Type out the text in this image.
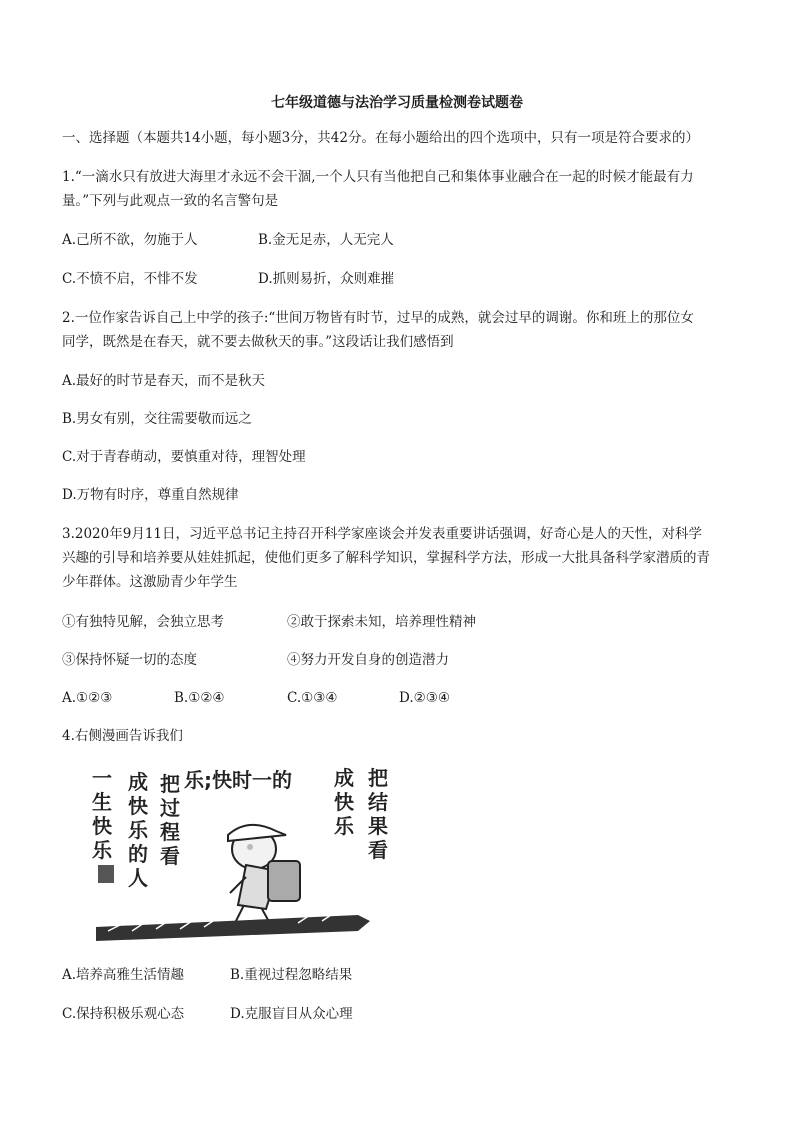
七年级道德与法治学习质量检测卷试题卷
一、选择题（本题共14小题，每小题3分，共42分。在每小题给出的四个选项中，只有一项是符合要求的）
1.“一滴水只有放进大海里才永远不会干涸,一个人只有当他把自己和集体事业融合在一起的时候才能最有力
量。”下列与此观点一致的名言警句是
A.己所不欲，勿施于人	B.金无足赤，人无完人
C.不愤不启，不悱不发	D.抓则易折，众则难摧
2.一位作家告诉自己上中学的孩子:“世间万物皆有时节，过早的成熟，就会过早的调谢。你和班上的那位女
同学，既然是在春天，就不要去做秋天的事。”这段话让我们感悟到
A.最好的时节是春天，而不是秋天
B.男女有别，交往需要敬而远之
C.对于青春萌动，要慎重对待，理智处理
D.万物有时序，尊重自然规律
3.2020年9月11日，习近平总书记主持召开科学家座谈会并发表重要讲话强调，好奇心是人的天性，对科学
兴趣的引导和培养要从娃娃抓起，使他们更多了解科学知识，掌握科学方法，形成一大批具备科学家潜质的青
少年群体。这激励青少年学生
①有独特见解，会独立思考	②敢于探索未知，培养理性精神
③保持怀疑一切的态度	④努力开发自身的创造潜力
A.①②③	B.①②④	C.①③④	D.②③④
4.右侧漫画告诉我们
把结果看
成快乐
乐;快时一的
把过程看
成快乐的人
一生快乐
A.培养高雅生活情趣	B.重视过程忽略结果
C.保持积极乐观心态	D.克服盲目从众心理
